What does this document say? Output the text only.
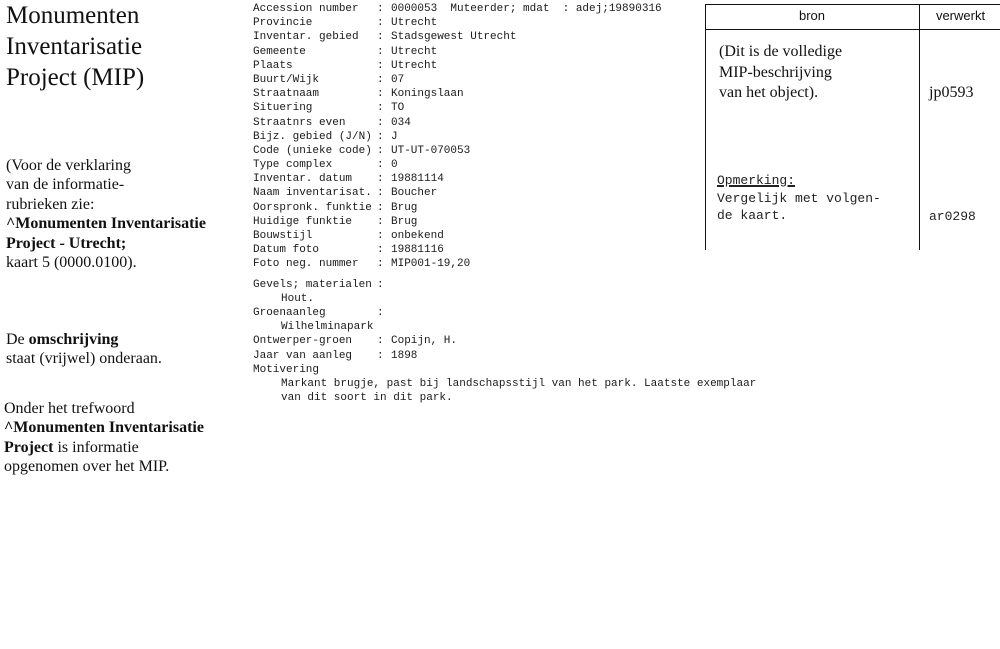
Monumenten
Inventarisatie
Project (MIP)
(Voor de verklaring
van de informatie-
rubrieken zie:
^Monumenten Inventarisatie
Project - Utrecht;
kaart 5 (0000.0100).
De omschrijving
staat (vrijwel) onderaan.
Onder het trefwoord
^Monumenten Inventarisatie
Project is informatie
opgenomen over het MIP.
Accession number	: 0000053  Muteerder; mdat  : adej;19890316
Provincie	: Utrecht
Inventar. gebied	: Stadsgewest Utrecht
Gemeente	: Utrecht
Plaats	: Utrecht
Buurt/Wijk	: 07
Straatnaam	: Koningslaan
Situering	: TO
Straatnrs even	: 034
Bijz. gebied (J/N) : J
Code (unieke code) : UT-UT-070053
Type complex	: 0
Inventar. datum	: 19881114
Naam inventarisat. : Boucher
Oorspronk. funktie : Brug
Huidige funktie	: Brug
Bouwstijl	: onbekend
Datum foto	: 19881116
Foto neg. nummer	: MIP001-19,20
Gevels; materialen :
Hout.
Groenaanleg	:
Wilhelminapark
Ontwerper-groen	: Copijn, H.
Jaar van aanleg	: 1898
Motivering
Markant brugje, past bij landschapsstijl van het park. Laatste exemplaar
van dit soort in dit park.
bron	verwerkt
(Dit is de volledige
MIP-beschrijving
van het object).	jp0593
Opmerking:
Vergelijk met volgen-
de kaart.	ar0298
